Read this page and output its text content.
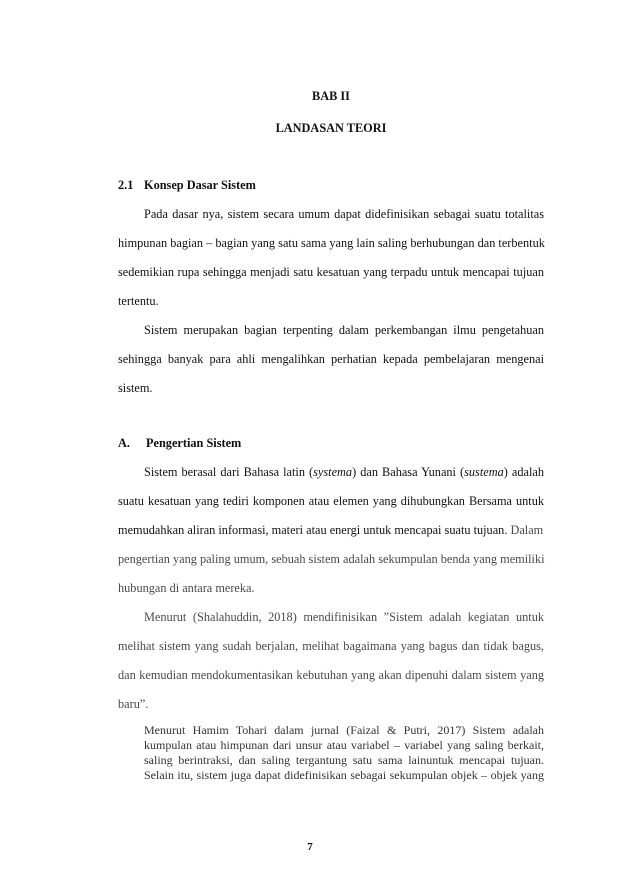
BAB II
LANDASAN TEORI
2.1 Konsep Dasar Sistem
Pada dasar nya, sistem secara umum dapat didefinisikan sebagai suatu totalitas
himpunan bagian – bagian yang satu sama yang lain saling berhubungan dan terbentuk
sedemikian rupa sehingga menjadi satu kesatuan yang terpadu untuk mencapai tujuan
tertentu.
Sistem merupakan bagian terpenting dalam perkembangan ilmu pengetahuan
sehingga banyak para ahli mengalihkan perhatian kepada pembelajaran mengenai
sistem.
A. Pengertian Sistem
Sistem berasal dari Bahasa latin (systema) dan Bahasa Yunani (sustema) adalah
suatu kesatuan yang tediri komponen atau elemen yang dihubungkan Bersama untuk
memudahkan aliran informasi, materi atau energi untuk mencapai suatu tujuan. Dalam
pengertian yang paling umum, sebuah sistem adalah sekumpulan benda yang memiliki
hubungan di antara mereka.
Menurut (Shalahuddin, 2018) mendifinisikan ”Sistem adalah kegiatan untuk
melihat sistem yang sudah berjalan, melihat bagaimana yang bagus dan tidak bagus,
dan kemudian mendokumentasikan kebutuhan yang akan dipenuhi dalam sistem yang
baru”.
Menurut Hamim Tohari dalam jurnal (Faizal & Putri, 2017) Sistem adalah
kumpulan atau himpunan dari unsur atau variabel – variabel yang saling berkait,
saling berintraksi, dan saling tergantung satu sama lainuntuk mencapai tujuan.
Selain itu, sistem juga dapat didefinisikan sebagai sekumpulan objek – objek yang
7
